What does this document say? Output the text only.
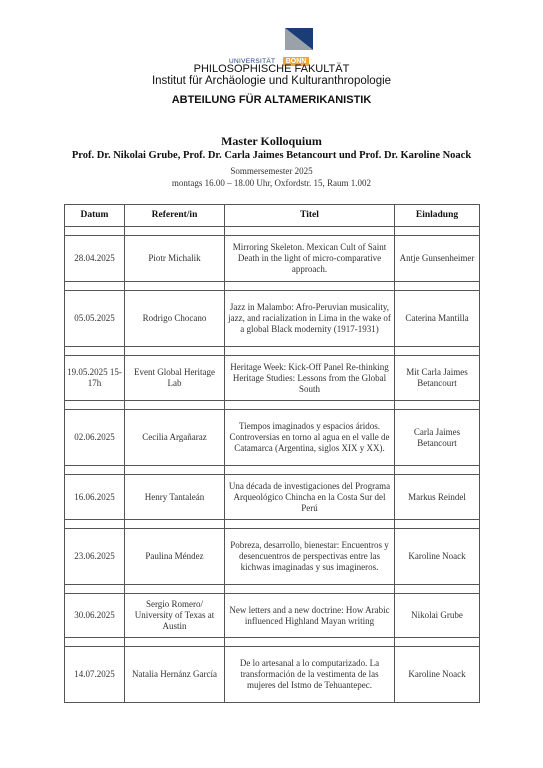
UNIVERSITÄT	BONN
PHILOSOPHISCHE FAKULTÄT
Institut für Archäologie und Kulturanthropologie
ABTEILUNG FÜR ALTAMERIKANISTIK
Master Kolloquium
Prof. Dr. Nikolai Grube, Prof. Dr. Carla Jaimes Betancourt und Prof. Dr. Karoline Noack
Sommersemester 2025
montags 16.00 – 18.00 Uhr, Oxfordstr. 15, Raum 1.002
Datum	Referent/in	Titel	Einladung

28.04.2025	Piotr Michalik	Mirroring Skeleton. Mexican Cult of Saint Death in the light of micro-comparative approach.	Antje Gunsenheimer

05.05.2025	Rodrigo Chocano	Jazz in Malambo: Afro-Peruvian musicality, jazz, and racialization in Lima in the wake of a global Black modernity (1917-1931)	Caterina Mantilla

19.05.2025 15-17h	Event Global Heritage Lab	Heritage Week: Kick-Off Panel Re-thinking Heritage Studies: Lessons from the Global South	Mit Carla Jaimes Betancourt

02.06.2025	Cecilia Argañaraz	Tiempos imaginados y espacios áridos. Controversias en torno al agua en el valle de Catamarca (Argentina, siglos XIX y XX).	Carla Jaimes Betancourt

16.06.2025	Henry Tantaleán	Una década de investigaciones del Programa Arqueológico Chincha en la Costa Sur del Perú	Markus Reindel

23.06.2025	Paulina Méndez	Pobreza, desarrollo, bienestar: Encuentros y desencuentros de perspectivas entre las kichwas imaginadas y sus imagineros.	Karoline Noack

30.06.2025	Sergio Romero/ University of Texas at Austin	New letters and a new doctrine: How Arabic influenced Highland Mayan writing	Nikolai Grube

14.07.2025	Natalia Hernánz García	De lo artesanal a lo computarizado. La transformación de la vestimenta de las mujeres del Istmo de Tehuantepec.	Karoline Noack
